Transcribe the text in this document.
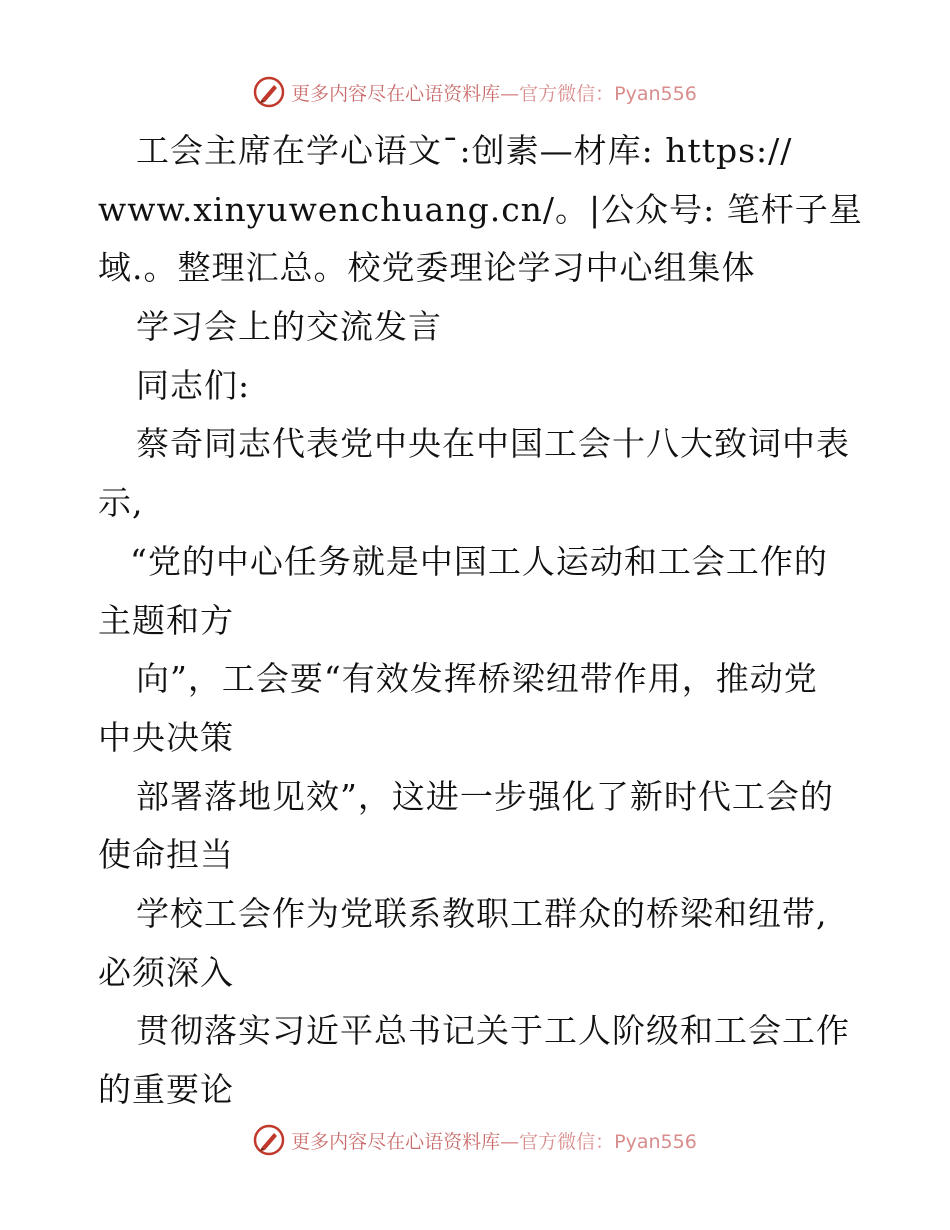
更多内容尽在心语资料库—官方微信：Pyan556
工会主席在学心语文¯:创素—材库: https://
www.xinyuwenchuang.cn/。|公众号: 笔杆子星
域.。整理汇总。校党委理论学习中心组集体
学习会上的交流发言
同志们:
蔡奇同志代表党中央在中国工会十八大致词中表
示,
“党的中心任务就是中国工人运动和工会工作的
主题和方
向”，工会要“有效发挥桥梁纽带作用，推动党
中央决策
部署落地见效”，这进一步强化了新时代工会的
使命担当
学校工会作为党联系教职工群众的桥梁和纽带,
必须深入
贯彻落实习近平总书记关于工人阶级和工会工作
的重要论
更多内容尽在心语资料库—官方微信：Pyan556
